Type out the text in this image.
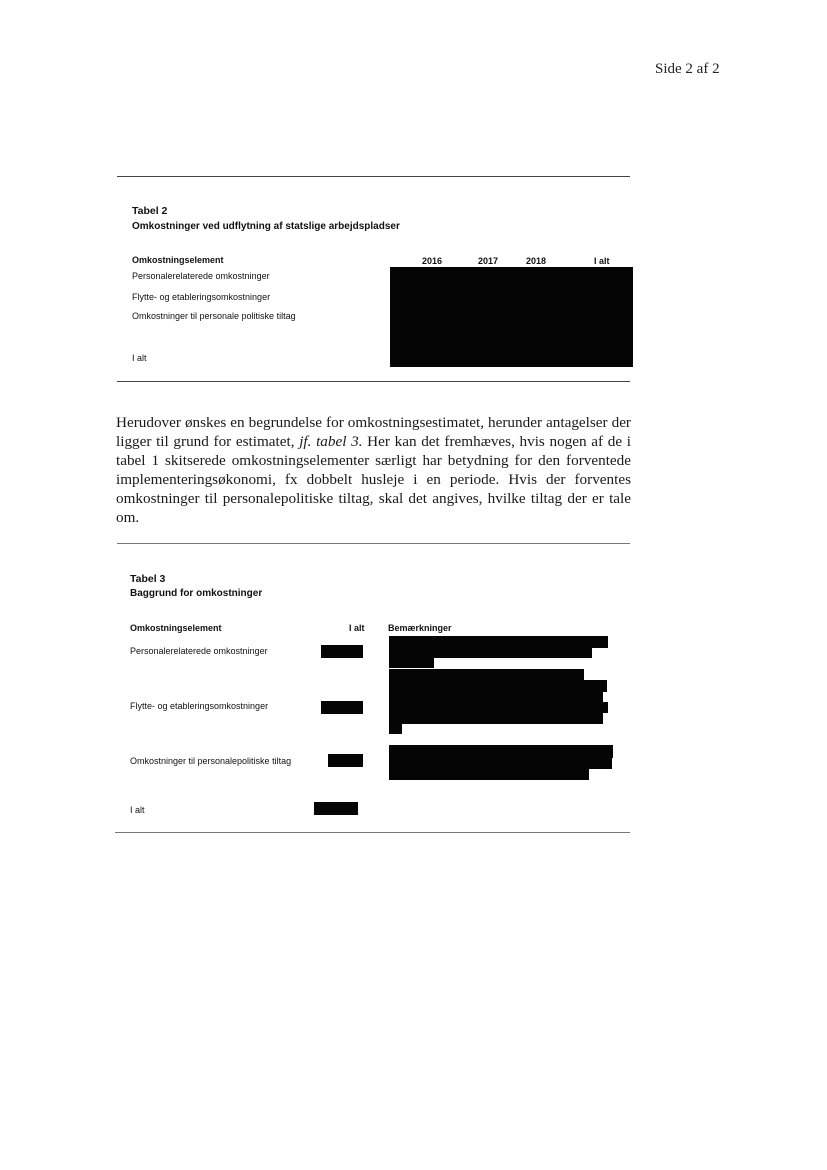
Side 2 af 2
Tabel 2
Omkostninger ved udflytning af statslige arbejdspladser
Omkostningselement	2016	2017	2018	I alt
Personalerelaterede omkostninger
Flytte- og etableringsomkostninger
Omkostninger til personale politiske tiltag
I alt
Herudover ønskes en begrundelse for omkostningsestimatet, herunder antagelser der ligger til grund for estimatet, jf. tabel 3. Her kan det fremhæves, hvis nogen af de i tabel 1 skitserede omkostningselementer særligt har betydning for den forventede implementeringsøkonomi, fx dobbelt husleje i en periode. Hvis der forventes omkostninger til personalepolitiske tiltag, skal det angives, hvilke tiltag der er tale om.
Tabel 3
Baggrund for omkostninger
Omkostningselement	I alt	Bemærkninger
Personalerelaterede omkostninger
Flytte- og etableringsomkostninger
Omkostninger til personalepolitiske tiltag
I alt
